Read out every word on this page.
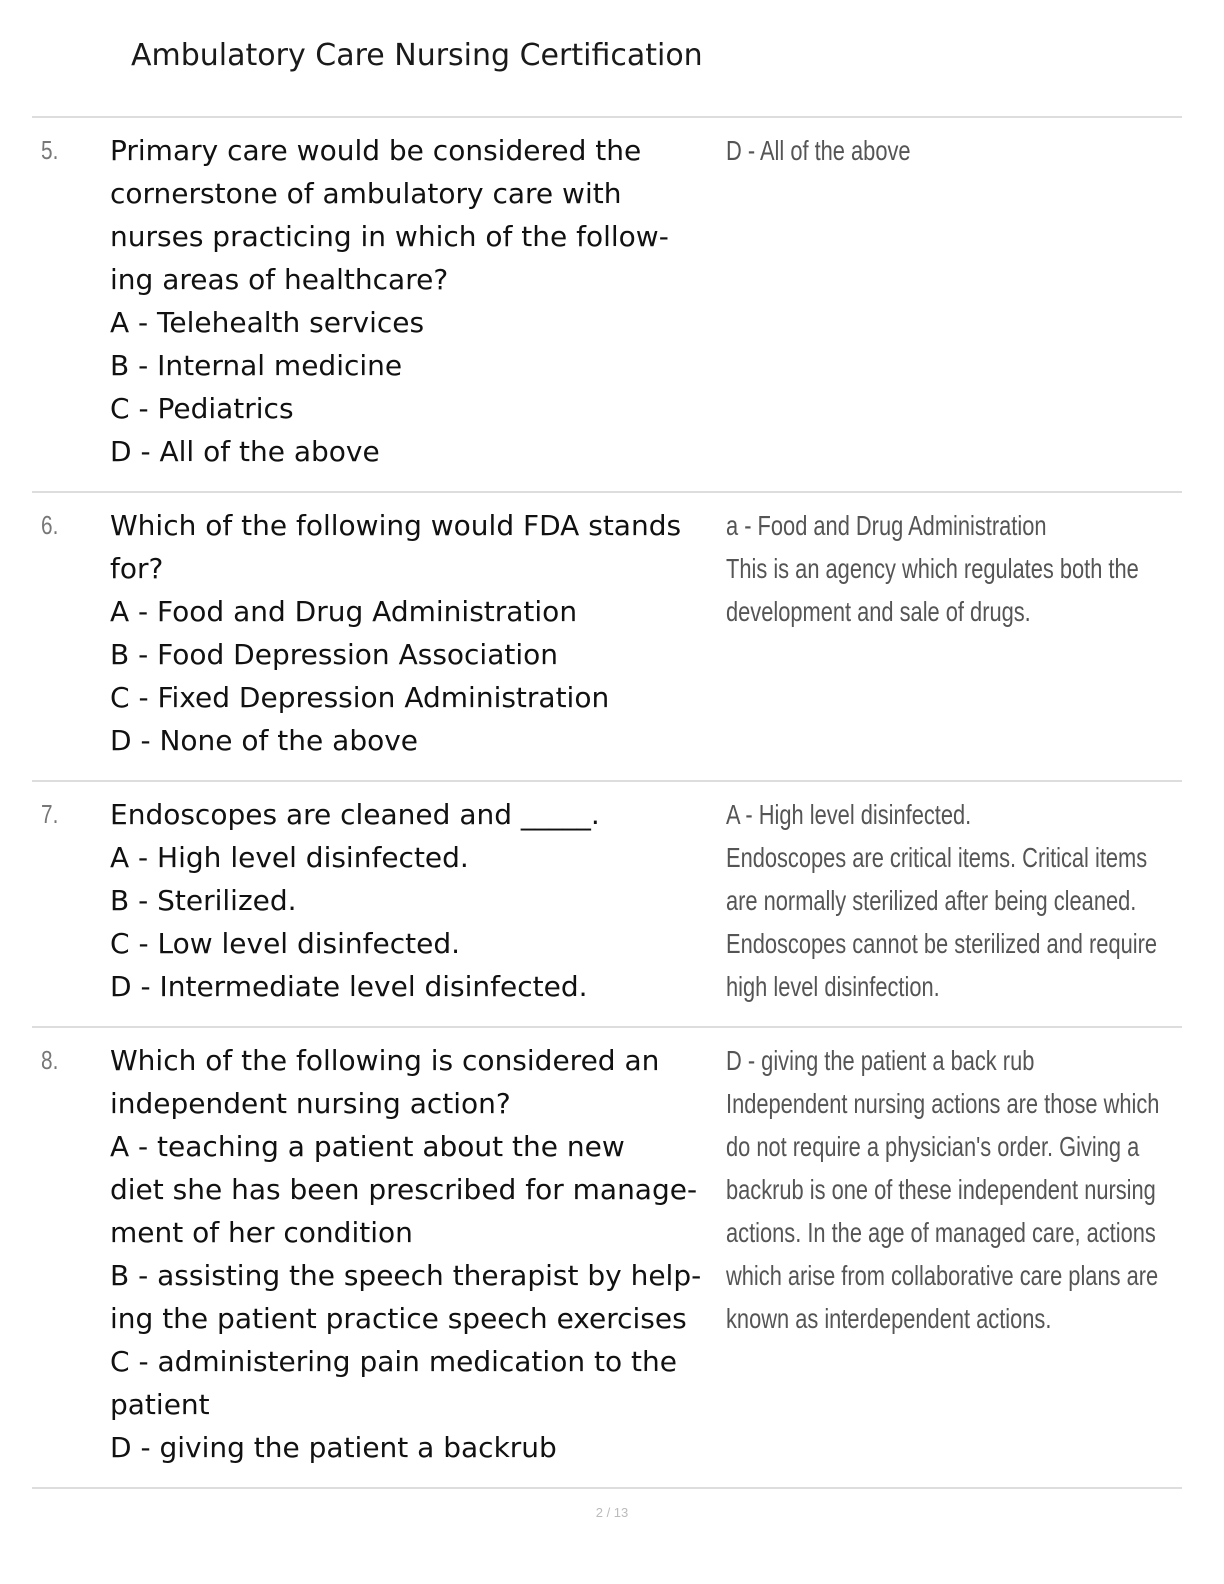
Ambulatory Care Nursing Certification
5. Primary care would be considered the
cornerstone of ambulatory care with
nurses practicing in which of the follow-
ing areas of healthcare?
A - Telehealth services
B - Internal medicine
C - Pediatrics
D - All of the above
D - All of the above
6. Which of the following would FDA stands
for?
A - Food and Drug Administration
B - Food Depression Association
C - Fixed Depression Administration
D - None of the above
a - Food and Drug Administration
This is an agency which regulates both the
development and sale of drugs.
7. Endoscopes are cleaned and _____.
A - High level disinfected.
B - Sterilized.
C - Low level disinfected.
D - Intermediate level disinfected.
A - High level disinfected.
Endoscopes are critical items. Critical items
are normally sterilized after being cleaned.
Endoscopes cannot be sterilized and require
high level disinfection.
8. Which of the following is considered an
independent nursing action?
A - teaching a patient about the new
diet she has been prescribed for manage-
ment of her condition
B - assisting the speech therapist by help-
ing the patient practice speech exercises
C - administering pain medication to the
patient
D - giving the patient a backrub
D - giving the patient a back rub
Independent nursing actions are those which
do not require a physician's order. Giving a
backrub is one of these independent nursing
actions. In the age of managed care, actions
which arise from collaborative care plans are
known as interdependent actions.
2 / 13
